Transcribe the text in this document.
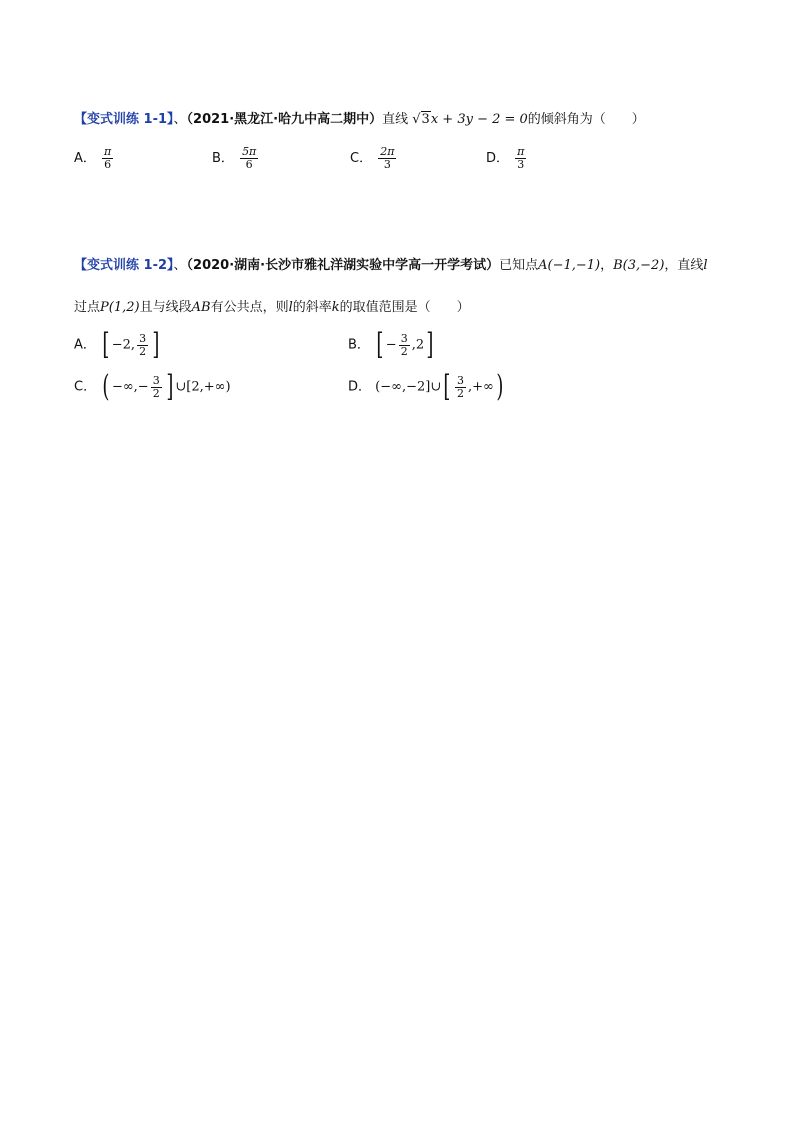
【变式训练 1-1】、（2021·黑龙江·哈九中高二期中）直线 √3x + 3y − 2 = 0的倾斜角为（　　）
A． $\frac{\pi}{6}$	B． $\frac{5\pi}{6}$	C． $\frac{2\pi}{3}$	D． $\frac{\pi}{3}$
【变式训练 1-2】、（2020·湖南·长沙市雅礼洋湖实验中学高一开学考试）已知点A(−1,−1)，B(3,−2)，直线l
过点P(1,2)且与线段AB有公共点，则l的斜率k的取值范围是（　　）
A． [ −2, $\frac{3}{2}$ ]	B． [ − $\frac{3}{2} ,2$]
C． ( −∞,− $\frac{3}{2}$ ] ∪[2,+∞)	D． (−∞,−2]∪[ $\frac{3}{2}$ ,+∞)
